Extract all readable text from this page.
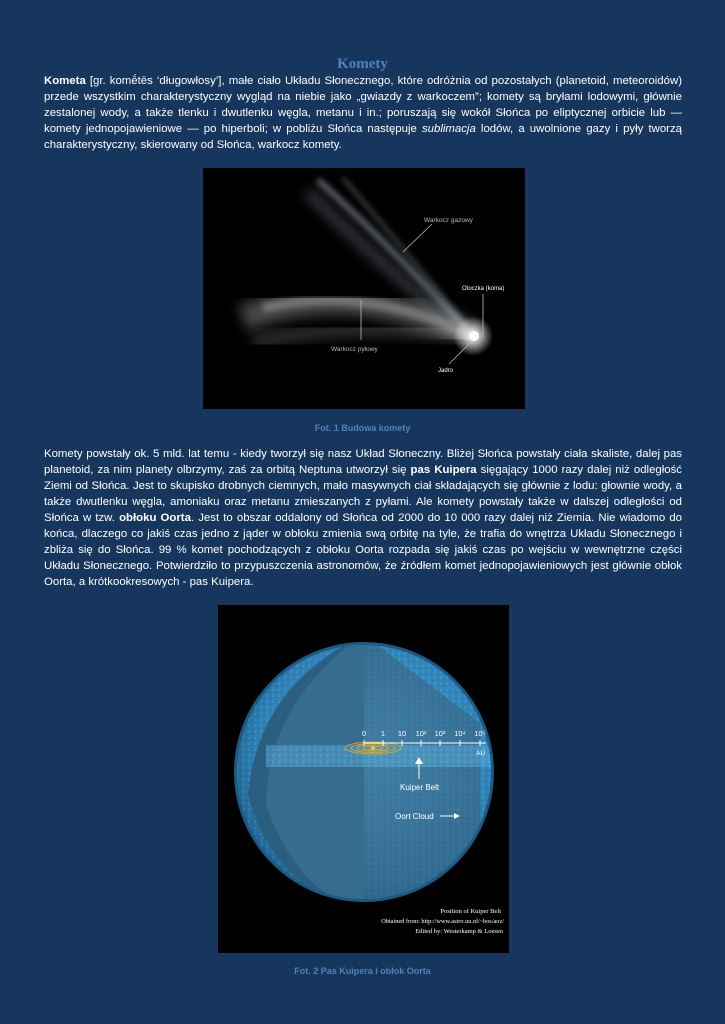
Komety

Kometa [gr. komḗtēs ‘długowłosy’], małe ciało Układu Słonecznego, które odróżnia od pozostałych (planetoid, meteoroidów) przede wszystkim charakterystyczny wygląd na niebie jako „gwiazdy z warkoczem”; komety są bryłami lodowymi, głównie zestalonej wody, a także tlenku i dwutlenku węgla, metanu i in.; poruszają się wokół Słońca po eliptycznej orbicie lub — komety jednopojawieniowe — po hiperboli; w pobliżu Słońca następuje sublimacja lodów, a uwolnione gazy i pyły tworzą charakterystyczny, skierowany od Słońca, warkocz komety.

Warkocz gazowy
Otoczka (koma)
Warkocz pyłowy
Jadro
Fot. 1 Budowa komety

Komety powstały ok. 5 mld. lat temu - kiedy tworzył się nasz Układ Słoneczny. Bliżej Słońca powstały ciała skaliste, dalej pas planetoid, za nim planety olbrzymy, zaś za orbitą Neptuna utworzył się pas Kuipera sięgający 1000 razy dalej niż odległość Ziemi od Słońca. Jest to skupisko drobnych ciemnych, mało masywnych ciał składających się głównie z lodu: głownie wody, a także dwutlenku węgla, amoniaku oraz metanu zmieszanych z pyłami. Ale komety powstały także w dalszej odległości od Słońca w tzw. obłoku Oorta. Jest to obszar oddalony od Słońca od 2000 do 10 000 razy dalej niż Ziemia. Nie wiadomo do końca, dlaczego co jakiś czas jedno z jąder w obłoku zmienia swą orbitę na tyle, że trafia do wnętrza Układu Słonecznego i zbliża się do Słońca. 99 % komet pochodzących z obłoku Oorta rozpada się jakiś czas po wejściu w wewnętrzne części Układu Słonecznego. Potwierdziło to przypuszczenia astronomów, że źródłem komet jednopojawieniowych jest głównie obłok Oorta, a krótkookresowych - pas Kuipera.

0 1 10 10² 10³ 10⁴ 10⁵
AU
Kuiper Belt
Oort Cloud
Position of Kuiper Belt
Obtained from: http://www.astro.uu.nl/~bos/aoz/
Edited by: Westerkamp & Loesen
Fot. 2 Pas Kuipera i obłok Oorta
